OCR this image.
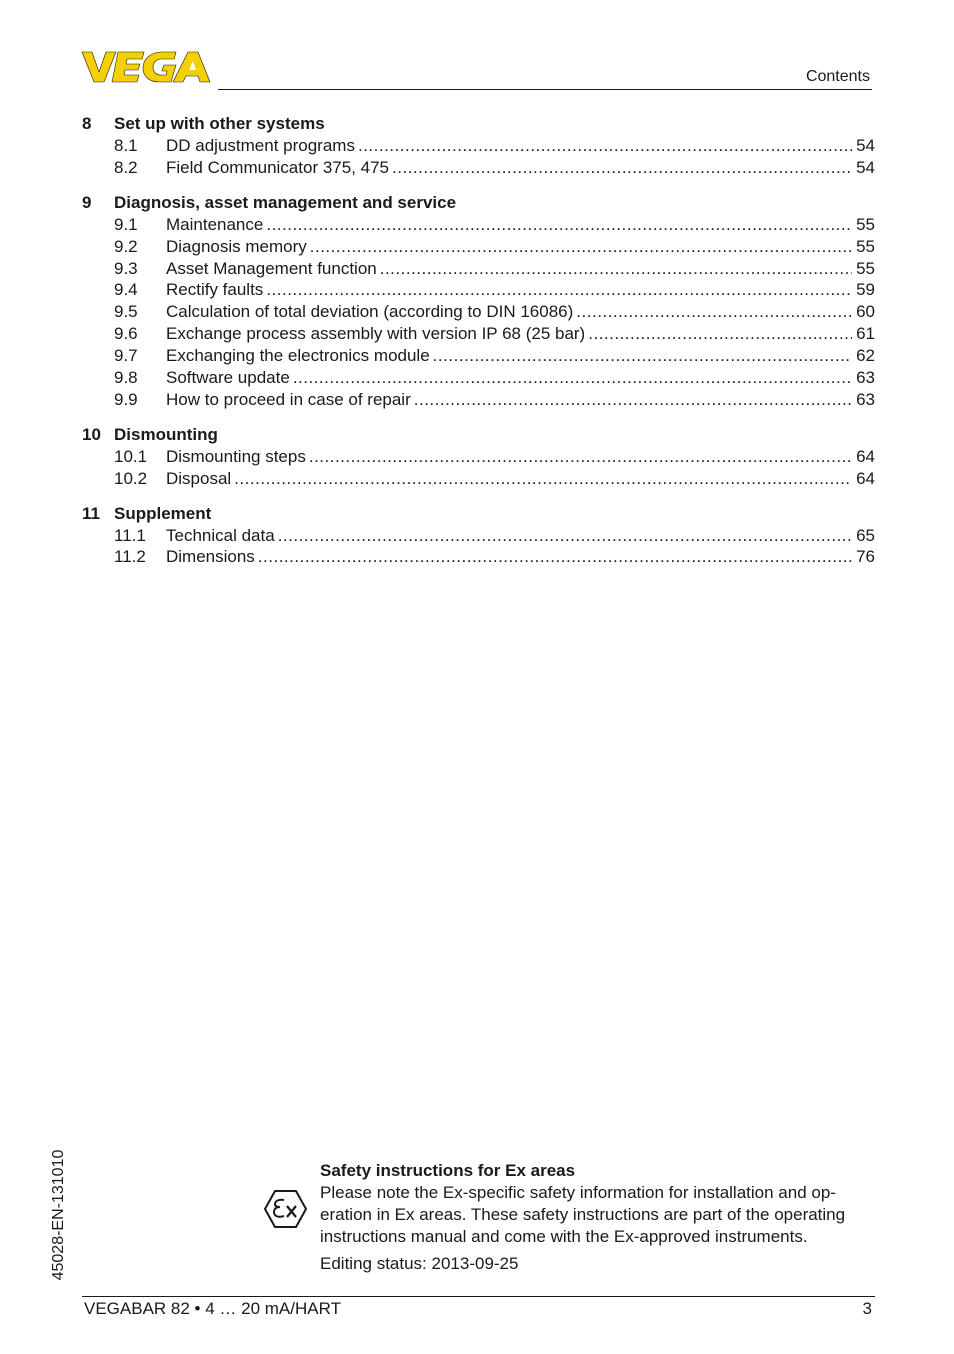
Contents
8	Set up with other systems
8.1	DD adjustment programs .....	54
8.2	Field Communicator 375, 475 .....	54
9	Diagnosis, asset management and service
9.1	Maintenance .....	55
9.2	Diagnosis memory .....	55
9.3	Asset Management function .....	55
9.4	Rectify faults .....	59
9.5	Calculation of total deviation (according to DIN 16086) .....	60
9.6	Exchange process assembly with version IP 68 (25 bar) .....	61
9.7	Exchanging the electronics module .....	62
9.8	Software update .....	63
9.9	How to proceed in case of repair .....	63
10 Dismounting
10.1	Dismounting steps .....	64
10.2	Disposal .....	64
11 Supplement
11.1	Technical data .....	65
11.2	Dimensions .....	76
45028-EN-131010	Safety instructions for Ex areas
Please note the Ex-specific safety information for installation and op-
eration in Ex areas. These safety instructions are part of the operating
instructions manual and come with the Ex-approved instruments.
Editing status: 2013-09-25
VEGABAR 82 • 4 … 20 mA/HART	3
